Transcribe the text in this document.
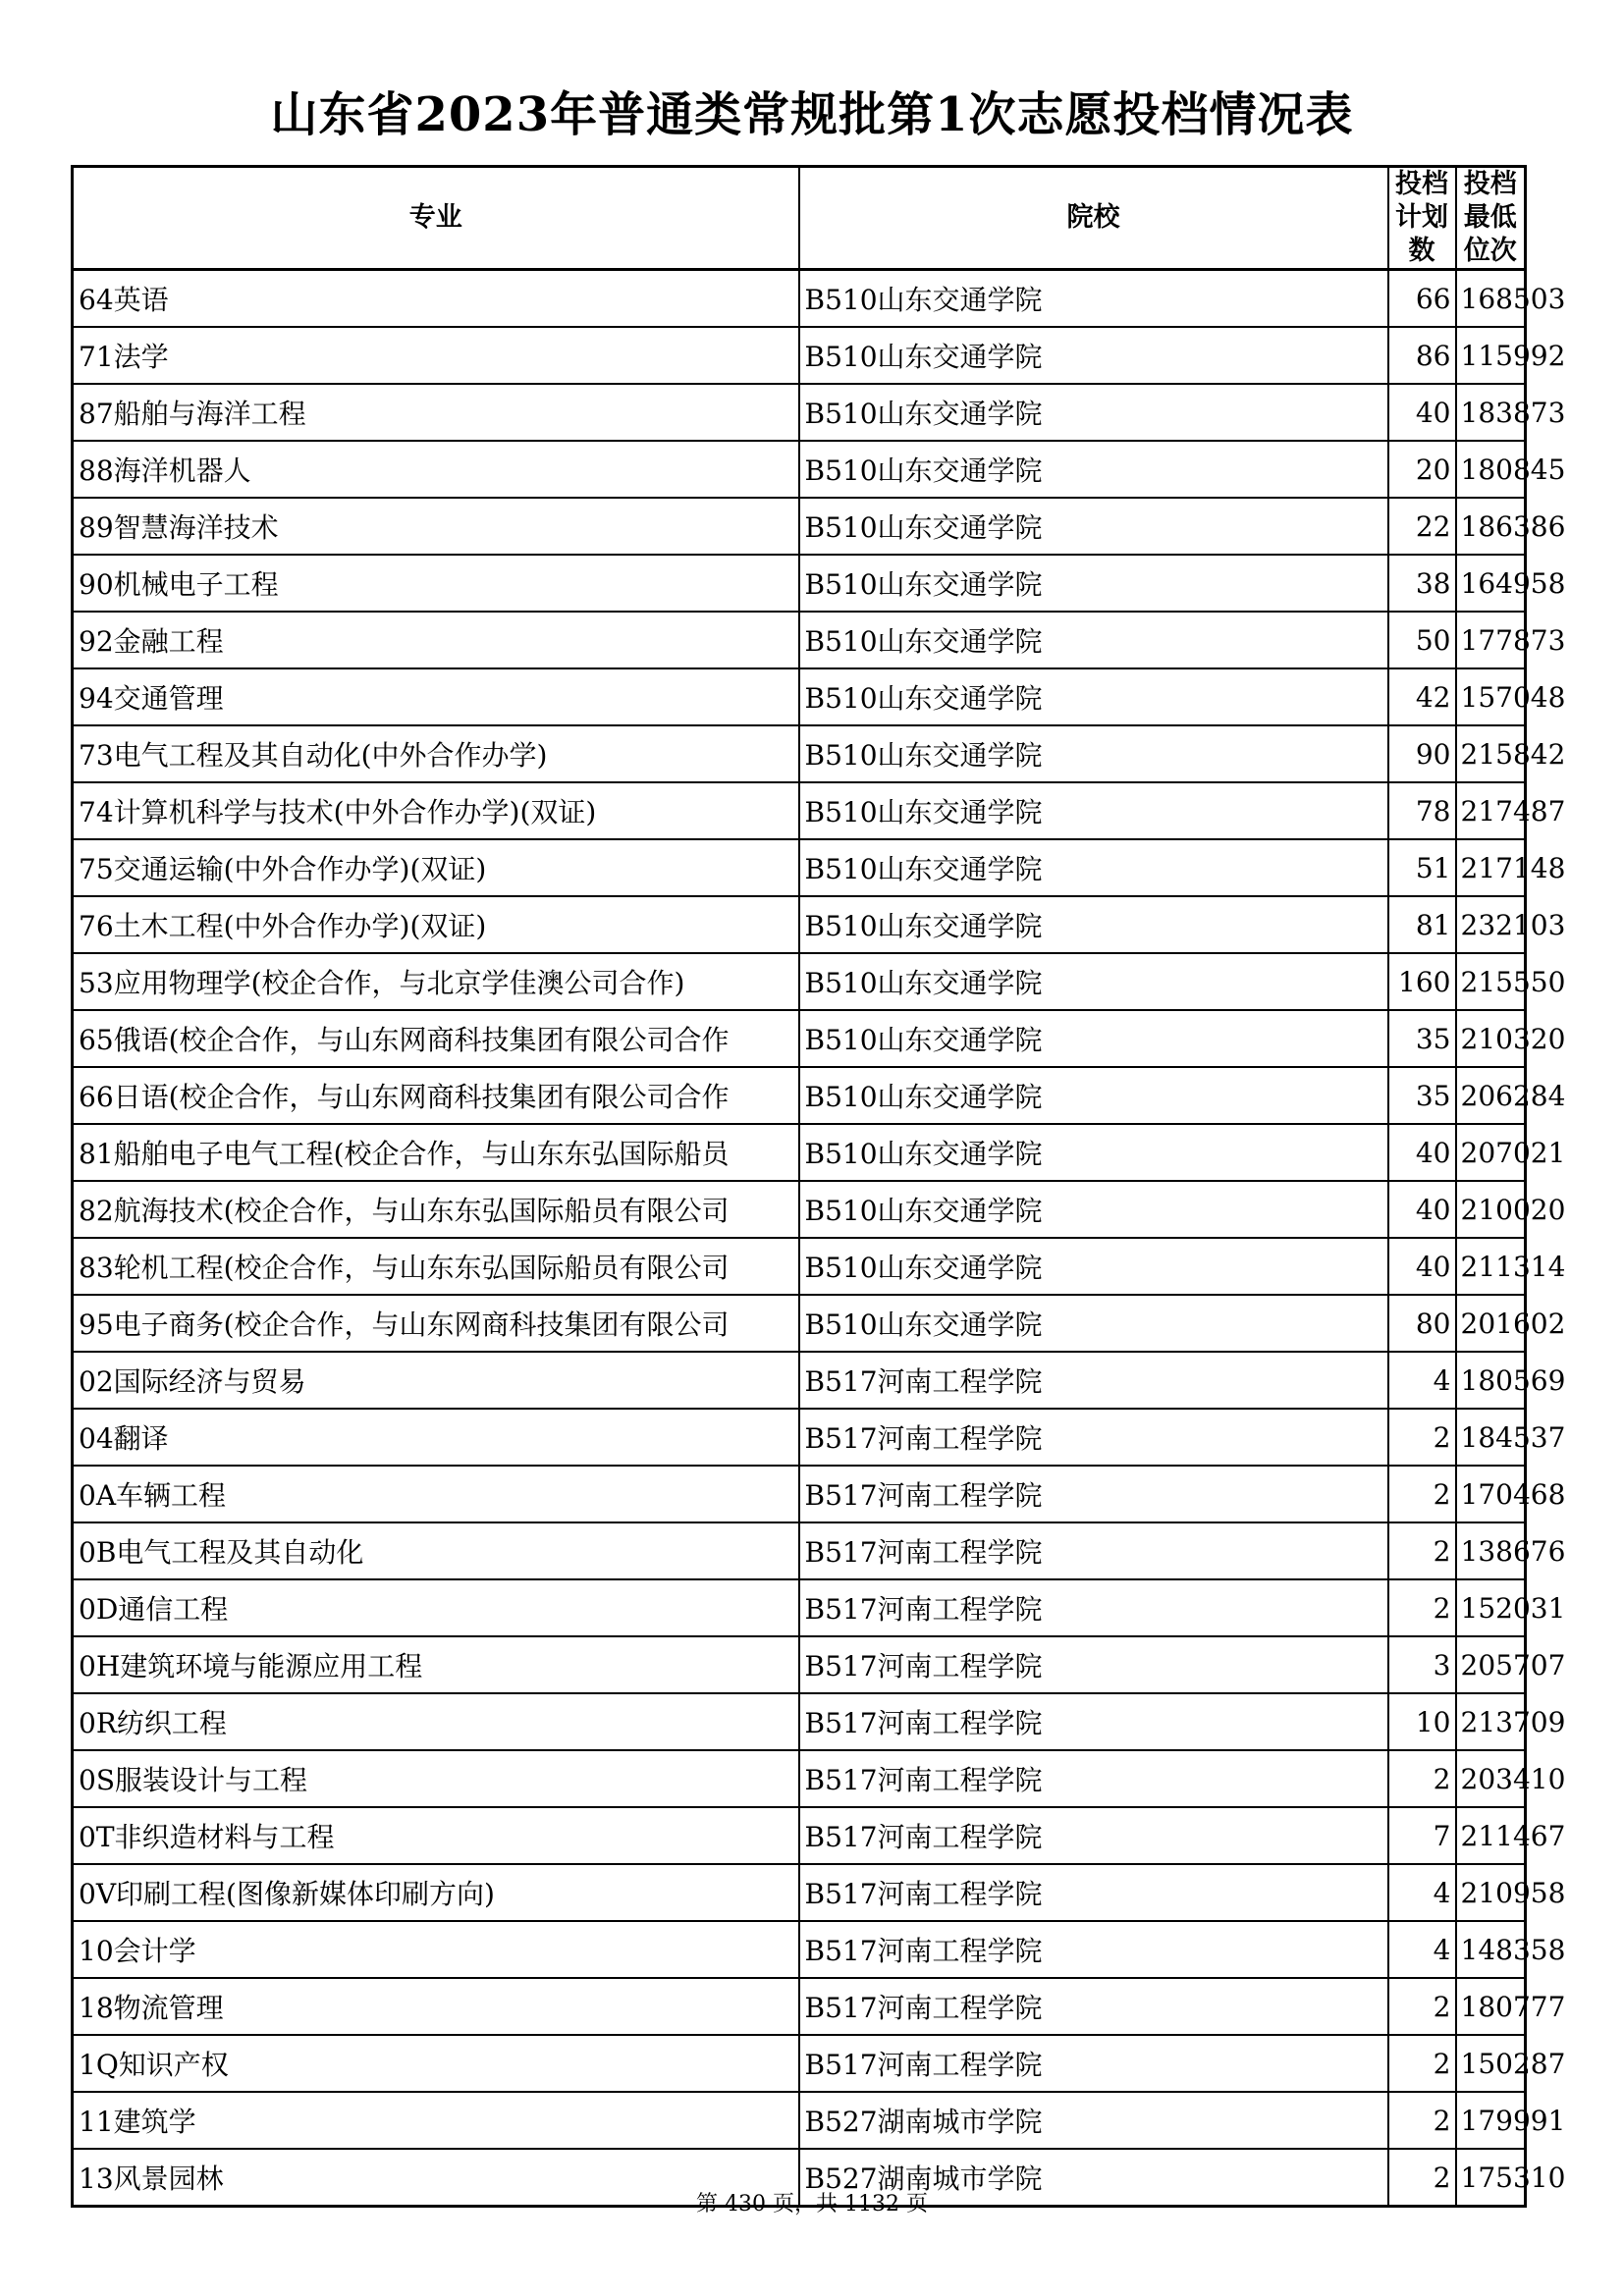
山东省2023年普通类常规批第1次志愿投档情况表
专业	院校	投档计划数	投档最低位次
64英语	B510山东交通学院	66	168503
71法学	B510山东交通学院	86	115992
87船舶与海洋工程	B510山东交通学院	40	183873
88海洋机器人	B510山东交通学院	20	180845
89智慧海洋技术	B510山东交通学院	22	186386
90机械电子工程	B510山东交通学院	38	164958
92金融工程	B510山东交通学院	50	177873
94交通管理	B510山东交通学院	42	157048
73电气工程及其自动化(中外合作办学)	B510山东交通学院	90	215842
74计算机科学与技术(中外合作办学)(双证)	B510山东交通学院	78	217487
75交通运输(中外合作办学)(双证)	B510山东交通学院	51	217148
76土木工程(中外合作办学)(双证)	B510山东交通学院	81	232103
53应用物理学(校企合作，与北京学佳澳公司合作)	B510山东交通学院	160	215550
65俄语(校企合作，与山东网商科技集团有限公司合作	B510山东交通学院	35	210320
66日语(校企合作，与山东网商科技集团有限公司合作	B510山东交通学院	35	206284
81船舶电子电气工程(校企合作，与山东东弘国际船员	B510山东交通学院	40	207021
82航海技术(校企合作，与山东东弘国际船员有限公司	B510山东交通学院	40	210020
83轮机工程(校企合作，与山东东弘国际船员有限公司	B510山东交通学院	40	211314
95电子商务(校企合作，与山东网商科技集团有限公司	B510山东交通学院	80	201602
02国际经济与贸易	B517河南工程学院	4	180569
04翻译	B517河南工程学院	2	184537
0A车辆工程	B517河南工程学院	2	170468
0B电气工程及其自动化	B517河南工程学院	2	138676
0D通信工程	B517河南工程学院	2	152031
0H建筑环境与能源应用工程	B517河南工程学院	3	205707
0R纺织工程	B517河南工程学院	10	213709
0S服装设计与工程	B517河南工程学院	2	203410
0T非织造材料与工程	B517河南工程学院	7	211467
0V印刷工程(图像新媒体印刷方向)	B517河南工程学院	4	210958
10会计学	B517河南工程学院	4	148358
18物流管理	B517河南工程学院	2	180777
1Q知识产权	B517河南工程学院	2	150287
11建筑学	B527湖南城市学院	2	179991
13风景园林	B527湖南城市学院	2	175310
第 430 页，共 1132 页
